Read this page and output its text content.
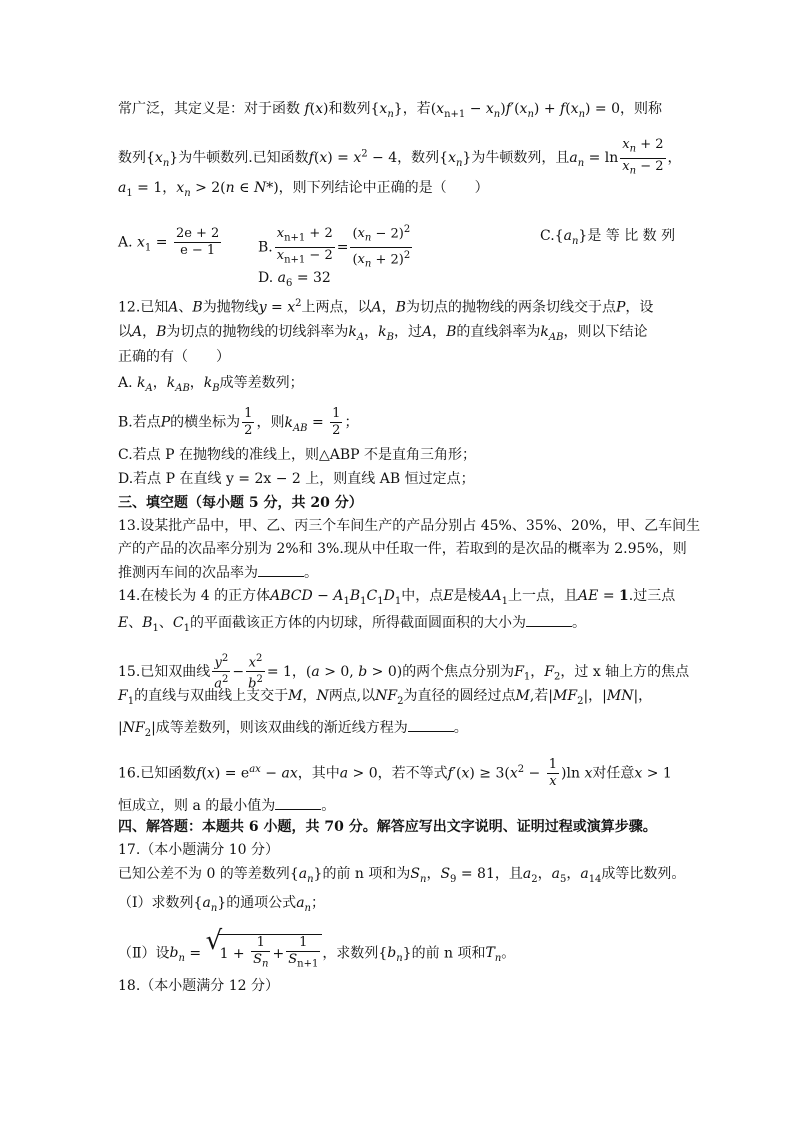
常广泛，其定义是：对于函数 f(x)和数列$\{x_n\}$，若$(x_{n+1} - x_n)f'(x_n) + f(x_n) = 0$，则称
数列$\{x_n\}$为牛顿数列.已知函数$f(x) = x^2 - 4$，数列$\{x_n\}$为牛顿数列，且$a_n = \ln \frac{x_n + 2}{x_n - 2}$ ，
$a_1 = 1$，$x_n > 2(n$ ∈ N*)，则下列结论中正确的是（　　）
A. $x_1 = \frac{2e + 2}{e - 1}$	B. $\frac{x_{n+1} + 2}{x_{n+1} - 2} = \frac{(x_n - 2)^2}{(x_n + 2)^2}$	$C.\{a_n\}$是 等 比 数 列
D. $a_6 = 32$
12.已知A、B为抛物线$y = x^2$上两点，以A，B为切点的抛物线的两条切线交于点P，设
以A，B为切点的抛物线的切线斜率为$k_A$，$k_B$，过A，B的直线斜率为$k_{AB}$，则以下结论
正确的有（　　）
A. $k_A$，$k_{AB}$，$k_B$成等差数列；
B.若点P的横坐标为 $\frac{1}{2}$ ，则$k_{AB} = \frac{1}{2}$ ；
C.若点 P 在抛物线的准线上，则△ABP 不是直角三角形；
D.若点 P 在直线 y = 2x − 2 上，则直线 AB 恒过定点；
三、填空题（每小题 5 分，共 20 分）
13.设某批产品中，甲、乙、丙三个车间生产的产品分别占 45%、35%、20%，甲、乙车间生
产的产品的次品率分别为 2%和 3%.现从中任取一件，若取到的是次品的概率为 2.95%，则
推测丙车间的次品率为	。
14.在棱长为 4 的正方体ABCD − $A_1B_1C_1D_1$中，点E是棱$AA_1$上一点，且AE = 1.过三点
E、$B_1$、$C_1$的平面截该正方体的内切球，所得截面圆面积的大小为	。
15.已知双曲线 $\frac{y^2}{a^2} - \frac{x^2}{b^2} = 1$，(a > 0, b > 0)的两个焦点分别为$F_1$，$F_2$，过 x 轴上方的焦点
$F_1$的直线与双曲线上支交于M，N两点,以$NF_2$为直径的圆经过点M,若$|MF_2|$，|MN|，
$|NF_2|$成等差数列，则该双曲线的渐近线方程为	。
16.已知函数$f(x) = e^{ax}$ − ax，其中a > 0，若不等式$f'(x) \ge 3(x^2 - \frac{1}{x} )\ln$ x对任意x > 1
恒成立，则 a 的最小值为	。
四、解答题：本题共 6 小题，共 70 分。解答应写出文字说明、证明过程或演算步骤。
17.（本小题满分 10 分）
已知公差不为 0 的等差数列$\{a_n\}$的前 n 项和为$S_n$，$S_9 = 81$，且$a_2$，$a_5$，$a_{14}$成等比数列。
（Ⅰ）求数列$\{a_n\}$的通项公式$a_n$；
（Ⅱ）设$b_n$ = √ $1 + \frac{1}{S_n} + \frac{1}{S_{n+1}}$ ，求数列$\{b_n\}$的前 n 项和$T_n$。
18.（本小题满分 12 分）
